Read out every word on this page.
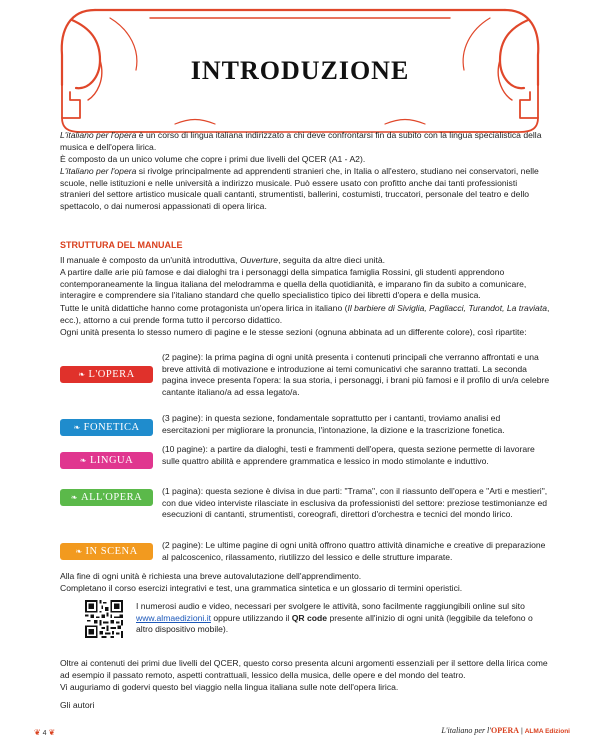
INTRODUZIONE

L'italiano per l'opera è un corso di lingua italiana indirizzato a chi deve confrontarsi fin da subito con la lingua specialistica della musica e dell'opera lirica.

È composto da un unico volume che copre i primi due livelli del QCER (A1 - A2).

L'italiano per l'opera si rivolge principalmente ad apprendenti stranieri che, in Italia o all'estero, studiano nei conservatori, nelle scuole, nelle istituzioni e nelle università a indirizzo musicale. Può essere usato con profitto anche dai tanti professionisti stranieri del settore artistico musicale quali cantanti, strumentisti, ballerini, costumisti, truccatori, personale del teatro e dello spettacolo, o dai numerosi appassionati di opera lirica.

STRUTTURA DEL MANUALE

Il manuale è composto da un'unità introduttiva, Ouverture, seguita da altre dieci unità.

A partire dalle arie più famose e dai dialoghi tra i personaggi della simpatica famiglia Rossini, gli studenti apprendono contemporaneamente la lingua italiana del melodramma e quella della quotidianità, e imparano fin da subito a comunicare, interagire e comprendere sia l'italiano standard che quello specialistico tipico dei libretti d'opera e della musica.

Tutte le unità didattiche hanno come protagonista un'opera lirica in italiano (Il barbiere di Siviglia, Pagliacci, Turandot, La traviata, ecc.), attorno a cui prende forma tutto il percorso didattico.

Ogni unità presenta lo stesso numero di pagine e le stesse sezioni (ognuna abbinata ad un differente colore), così ripartite:

❧ L'OPERA

(2 pagine): la prima pagina di ogni unità presenta i contenuti principali che verranno affrontati e una breve attività di motivazione e introduzione ai temi comunicativi che saranno trattati. La seconda pagina invece presenta l'opera: la sua storia, i personaggi, i brani più famosi e il profilo di un/a celebre cantante italiano/a ad essa legato/a.

❧ FONETICA

(3 pagine): in questa sezione, fondamentale soprattutto per i cantanti, troviamo analisi ed esercitazioni per migliorare la pronuncia, l'intonazione, la dizione e la trascrizione fonetica.

❧ LINGUA

(10 pagine): a partire da dialoghi, testi e frammenti dell'opera, questa sezione permette di lavorare sulle quattro abilità e apprendere grammatica e lessico in modo stimolante e induttivo.

❧ ALL'OPERA

(1 pagina): questa sezione è divisa in due parti: "Trama", con il riassunto dell'opera e "Arti e mestieri", con due video interviste rilasciate in esclusiva da professionisti del settore: preziose testimonianze ed esecuzioni di cantanti, strumentisti, coreografi, direttori d'orchestra e tecnici del mondo lirico.

❧ IN SCENA

(2 pagine): Le ultime pagine di ogni unità offrono quattro attività dinamiche e creative di preparazione al palcoscenico, rilassamento, riutilizzo del lessico e delle strutture imparate.

Alla fine di ogni unità è richiesta una breve autovalutazione dell'apprendimento.

Completano il corso esercizi integrativi e test, una grammatica sintetica e un glossario di termini operistici.

I numerosi audio e video, necessari per svolgere le attività, sono facilmente raggiungibili online sul sito www.almaedizioni.it oppure utilizzando il QR code presente all'inizio di ogni unità (leggibile da telefono o altro dispositivo mobile).

Oltre ai contenuti dei primi due livelli del QCER, questo corso presenta alcuni argomenti essenziali per il settore della lirica come ad esempio il passato remoto, aspetti contrattuali, lessico della musica, delle opere e del mondo del teatro.

Vi auguriamo di godervi questo bel viaggio nella lingua italiana sulle note dell'opera lirica.

Gli autori

❦ 4 ❦	L'italiano per l'OPERA | ALMA Edizioni
